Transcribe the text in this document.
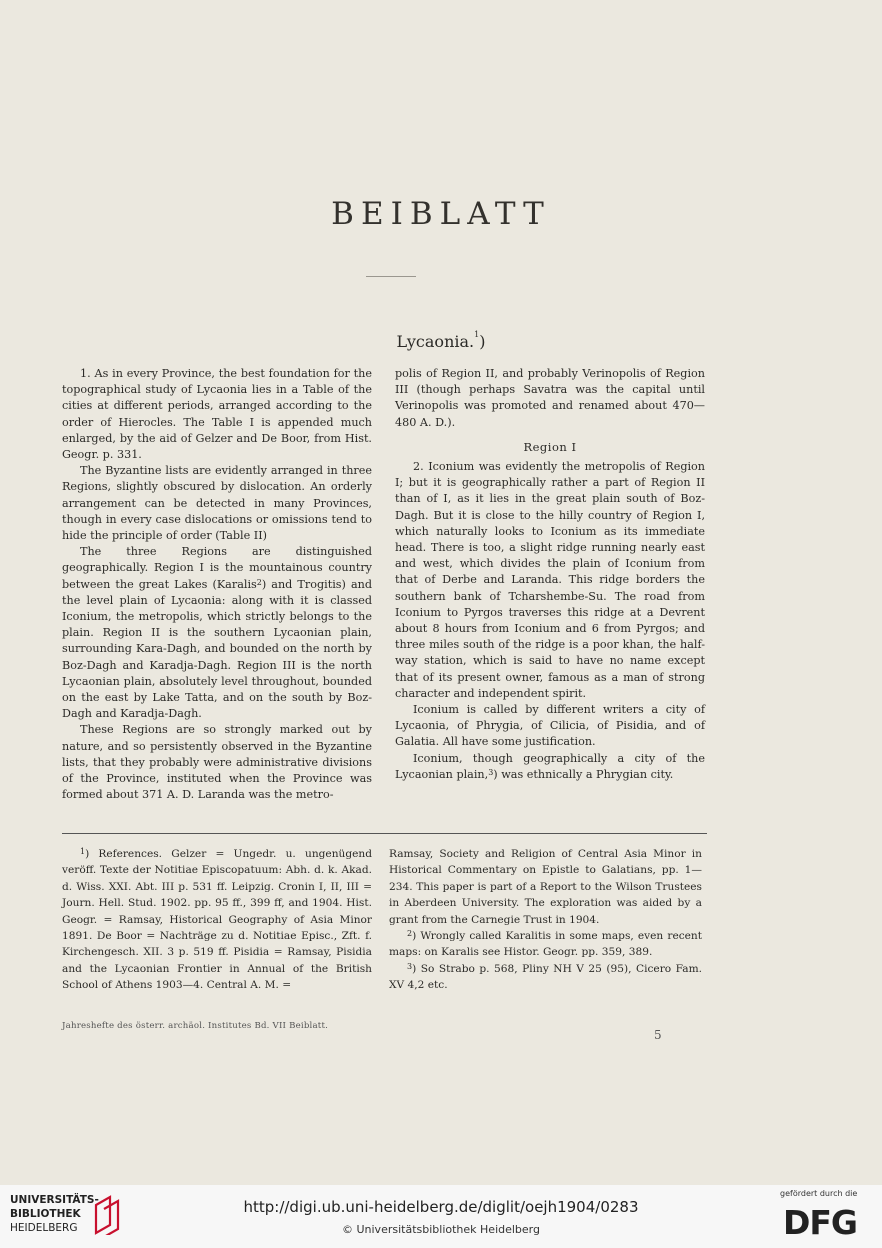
BEIBLATT
Lycaonia.$^1$)

1. As in every Province, the best foundation for the topographical study of Lycaonia lies in a Table of the cities at different periods, arranged according to the order of Hierocles. The Table I is appended much enlarged, by the aid of Gelzer and De Boor, from Hist. Geogr. p. 331.

The Byzantine lists are evidently arranged in three Regions, slightly obscured by dislocation. An orderly arrangement can be detected in many Provinces, though in every case dislocations or omissions tend to hide the principle of order (Table II)

The three Regions are distinguished geographically. Region I is the mountainous country between the great Lakes (Karalis$^2$) and Trogitis) and the level plain of Lycaonia: along with it is classed Iconium, the metropolis, which strictly belongs to the plain. Region II is the southern Lycaonian plain, surrounding Kara-Dagh, and bounded on the north by Boz-Dagh and Karadja-Dagh. Region III is the north Lycaonian plain, absolutely level throughout, bounded on the east by Lake Tatta, and on the south by Boz-Dagh and Karadja-Dagh.

These Regions are so strongly marked out by nature, and so persistently observed in the Byzantine lists, that they probably were administrative divisions of the Province, instituted when the Province was formed about 371 A. D. Laranda was the metro-

polis of Region II, and probably Verinopolis of Region III (though perhaps Savatra was the capital until Verinopolis was promoted and renamed about 470—480 A. D.).

Region I

2. Iconium was evidently the metropolis of Region I; but it is geographically rather a part of Region II than of I, as it lies in the great plain south of Boz-Dagh. But it is close to the hilly country of Region I, which naturally looks to Iconium as its immediate head. There is too, a slight ridge running nearly east and west, which divides the plain of Iconium from that of Derbe and Laranda. This ridge borders the southern bank of Tcharshembe-Su. The road from Iconium to Pyrgos traverses this ridge at a Devrent about 8 hours from Iconium and 6 from Pyrgos; and three miles south of the ridge is a poor khan, the half-way station, which is said to have no name except that of its present owner, famous as a man of strong character and independent spirit.

Iconium is called by different writers a city of Lycaonia, of Phrygia, of Cilicia, of Pisidia, and of Galatia. All have some justification.

Iconium, though geographically a city of the Lycaonian plain,$^3$) was ethnically a Phrygian city.

$^1$) References. Gelzer = Ungedr. u. ungenügend veröff. Texte der Notitiae Episcopatuum: Abh. d. k. Akad. d. Wiss. XXI. Abt. III p. 531 ff. Leipzig. Cronin I, II, III = Journ. Hell. Stud. 1902. pp. 95 ff., 399 ff, and 1904. Hist. Geogr. = Ramsay, Historical Geography of Asia Minor 1891. De Boor = Nachträge zu d. Notitiae Episc., Zft. f. Kirchengesch. XII. 3 p. 519 ff. Pisidia = Ramsay, Pisidia and the Lycaonian Frontier in Annual of the British School of Athens 1903—4. Central A. M. =

Ramsay, Society and Religion of Central Asia Minor in Historical Commentary on Epistle to Galatians, pp. 1—234. This paper is part of a Report to the Wilson Trustees in Aberdeen University. The exploration was aided by a grant from the Carnegie Trust in 1904.

$^2$) Wrongly called Karalitis in some maps, even recent maps: on Karalis see Histor. Geogr. pp. 359, 389.

$^3$) So Strabo p. 568, Pliny NH V 25 (95), Cicero Fam. XV 4,2 etc.

Jahreshefte des österr. archäol. Institutes Bd. VII Beiblatt.
5
UNIVERSITÄTS-
BIBLIOTHEK
HEIDELBERG
http://digi.ub.uni-heidelberg.de/diglit/oejh1904/0283
© Universitätsbibliothek Heidelberg
gefördert durch die
DFG
